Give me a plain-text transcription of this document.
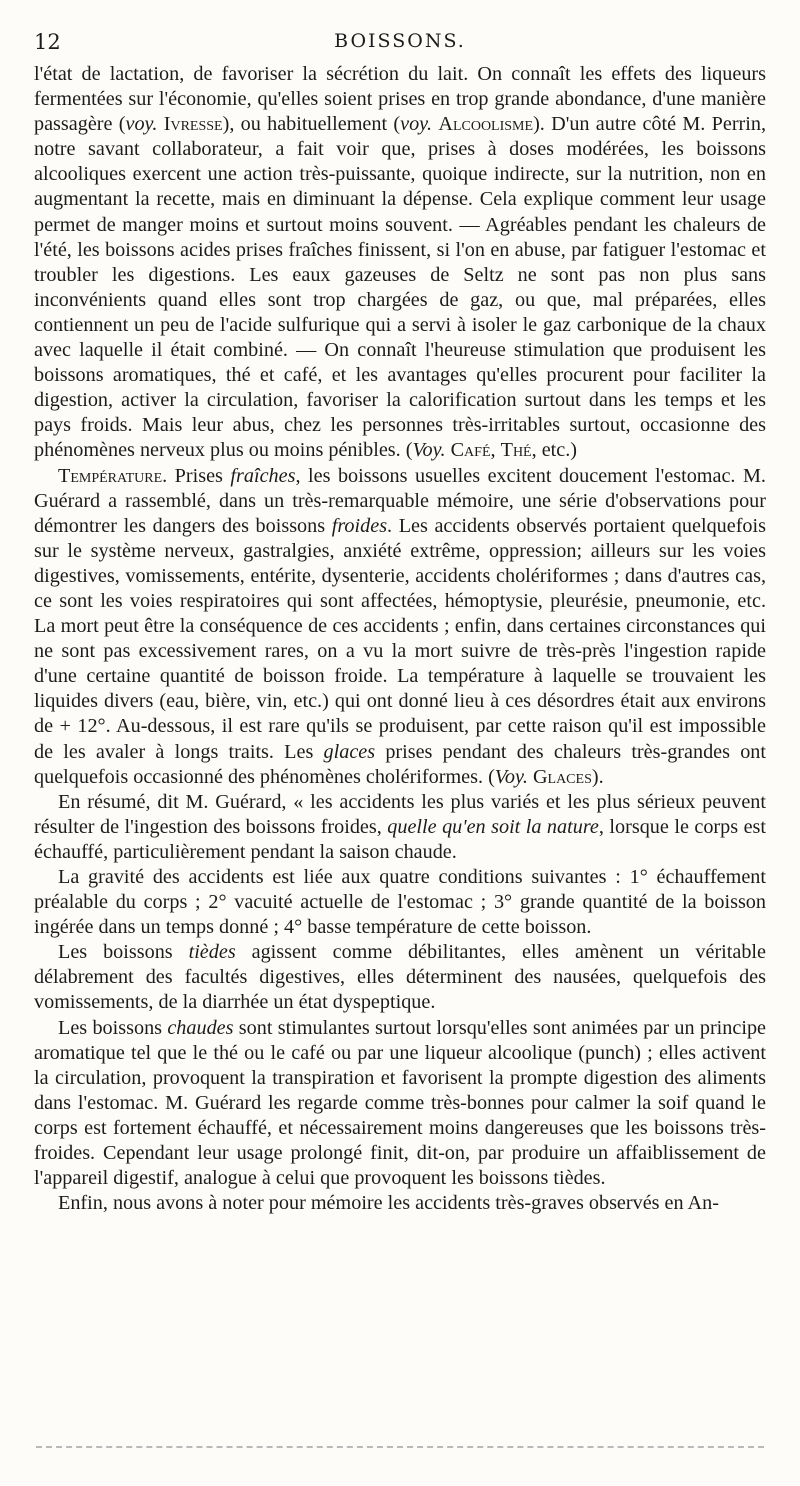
12	BOISSONS.

l'état de lactation, de favoriser la sécrétion du lait. On connaît les effets des liqueurs fermentées sur l'économie, qu'elles soient prises en trop grande abondance, d'une manière passagère (voy. Ivresse), ou habituellement (voy. Alcoolisme). D'un autre côté M. Perrin, notre savant collaborateur, a fait voir que, prises à doses modérées, les boissons alcooliques exercent une action très-puissante, quoique indirecte, sur la nutrition, non en augmentant la recette, mais en diminuant la dépense. Cela explique comment leur usage permet de manger moins et surtout moins souvent. — Agréables pendant les chaleurs de l'été, les boissons acides prises fraîches finissent, si l'on en abuse, par fatiguer l'estomac et troubler les digestions. Les eaux gazeuses de Seltz ne sont pas non plus sans inconvénients quand elles sont trop chargées de gaz, ou que, mal préparées, elles contiennent un peu de l'acide sulfurique qui a servi à isoler le gaz carbonique de la chaux avec laquelle il était combiné. — On connaît l'heureuse stimulation que produisent les boissons aromatiques, thé et café, et les avantages qu'elles procurent pour faciliter la digestion, activer la circulation, favoriser la calorification surtout dans les temps et les pays froids. Mais leur abus, chez les personnes très-irritables surtout, occasionne des phénomènes nerveux plus ou moins pénibles. (Voy. Café, Thé, etc.)

Température. Prises fraîches, les boissons usuelles excitent doucement l'estomac. M. Guérard a rassemblé, dans un très-remarquable mémoire, une série d'observations pour démontrer les dangers des boissons froides. Les accidents observés portaient quelquefois sur le système nerveux, gastralgies, anxiété extrême, oppression; ailleurs sur les voies digestives, vomissements, entérite, dysenterie, accidents cholériformes ; dans d'autres cas, ce sont les voies respiratoires qui sont affectées, hémoptysie, pleurésie, pneumonie, etc. La mort peut être la conséquence de ces accidents ; enfin, dans certaines circonstances qui ne sont pas excessivement rares, on a vu la mort suivre de très-près l'ingestion rapide d'une certaine quantité de boisson froide. La température à laquelle se trouvaient les liquides divers (eau, bière, vin, etc.) qui ont donné lieu à ces désordres était aux environs de + 12°. Au-dessous, il est rare qu'ils se produisent, par cette raison qu'il est impossible de les avaler à longs traits. Les glaces prises pendant des chaleurs très-grandes ont quelquefois occasionné des phénomènes cholériformes. (Voy. Glaces).

En résumé, dit M. Guérard, « les accidents les plus variés et les plus sérieux peuvent résulter de l'ingestion des boissons froides, quelle qu'en soit la nature, lorsque le corps est échauffé, particulièrement pendant la saison chaude.

La gravité des accidents est liée aux quatre conditions suivantes : 1° échauffement préalable du corps ; 2° vacuité actuelle de l'estomac ; 3° grande quantité de la boisson ingérée dans un temps donné ; 4° basse température de cette boisson.

Les boissons tièdes agissent comme débilitantes, elles amènent un véritable délabrement des facultés digestives, elles déterminent des nausées, quelquefois des vomissements, de la diarrhée un état dyspeptique.

Les boissons chaudes sont stimulantes surtout lorsqu'elles sont animées par un principe aromatique tel que le thé ou le café ou par une liqueur alcoolique (punch) ; elles activent la circulation, provoquent la transpiration et favorisent la prompte digestion des aliments dans l'estomac. M. Guérard les regarde comme très-bonnes pour calmer la soif quand le corps est fortement échauffé, et nécessairement moins dangereuses que les boissons très-froides. Cependant leur usage prolongé finit, dit-on, par produire un affaiblissement de l'appareil digestif, analogue à celui que provoquent les boissons tièdes.

Enfin, nous avons à noter pour mémoire les accidents très-graves observés en An-
